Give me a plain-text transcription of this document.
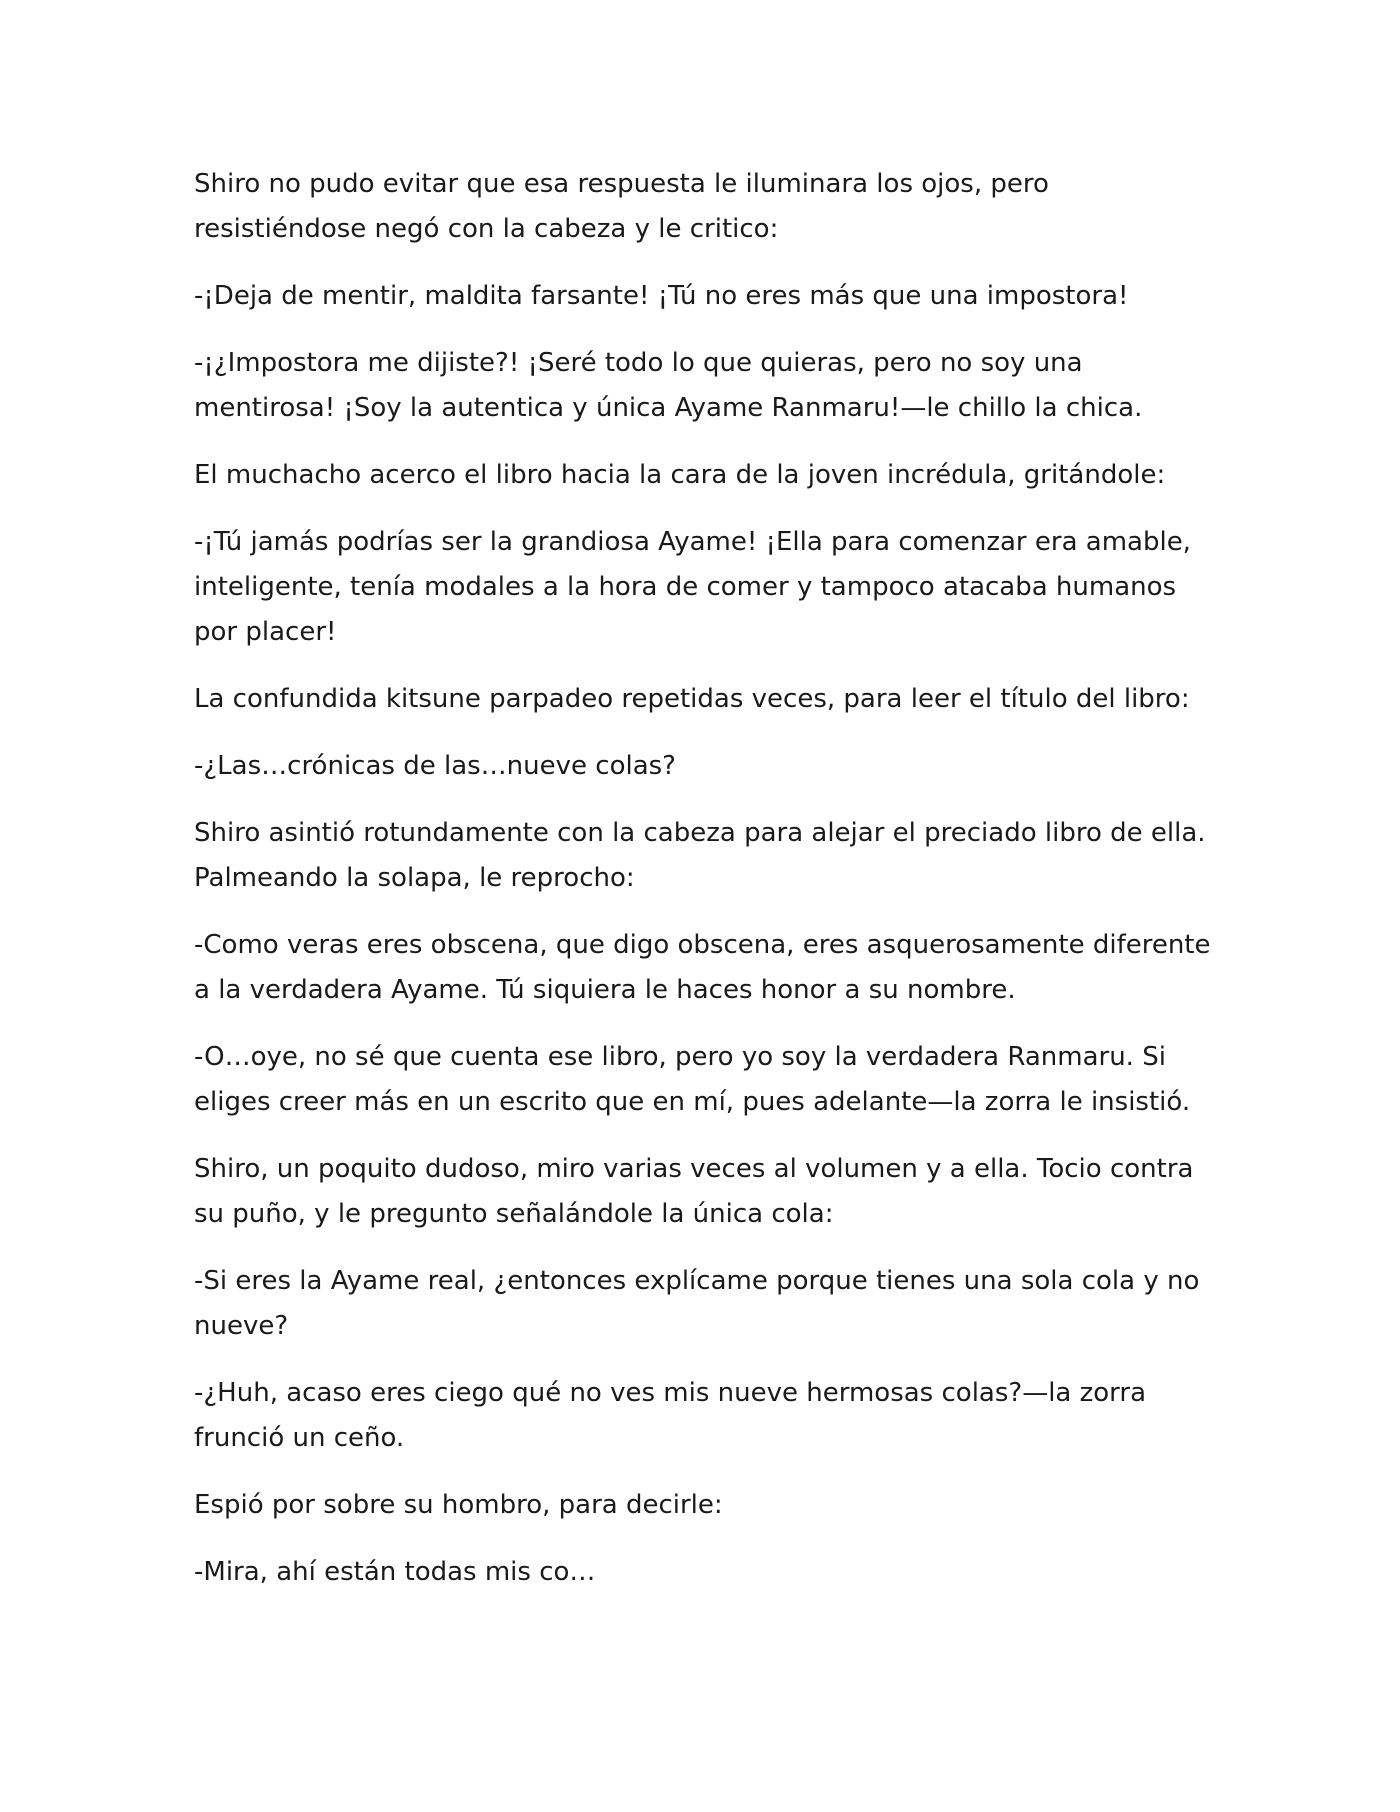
Shiro no pudo evitar que esa respuesta le iluminara los ojos, pero resistiéndose negó con la cabeza y le critico:

-¡Deja de mentir, maldita farsante! ¡Tú no eres más que una impostora!

-¡¿Impostora me dijiste?! ¡Seré todo lo que quieras, pero no soy una mentirosa! ¡Soy la autentica y única Ayame Ranmaru!—le chillo la chica.

El muchacho acerco el libro hacia la cara de la joven incrédula, gritándole:

-¡Tú jamás podrías ser la grandiosa Ayame! ¡Ella para comenzar era amable, inteligente, tenía modales a la hora de comer y tampoco atacaba humanos por placer!

La confundida kitsune parpadeo repetidas veces, para leer el título del libro:

-¿Las…crónicas de las…nueve colas?

Shiro asintió rotundamente con la cabeza para alejar el preciado libro de ella. Palmeando la solapa, le reprocho:

-Como veras eres obscena, que digo obscena, eres asquerosamente diferente a la verdadera Ayame. Tú siquiera le haces honor a su nombre.

-O…oye, no sé que cuenta ese libro, pero yo soy la verdadera Ranmaru. Si eliges creer más en un escrito que en mí, pues adelante—la zorra le insistió.

Shiro, un poquito dudoso, miro varias veces al volumen y a ella. Tocio contra su puño, y le pregunto señalándole la única cola:

-Si eres la Ayame real, ¿entonces explícame porque tienes una sola cola y no nueve?

-¿Huh, acaso eres ciego qué no ves mis nueve hermosas colas?—la zorra frunció un ceño.

Espió por sobre su hombro, para decirle:

-Mira, ahí están todas mis co…
